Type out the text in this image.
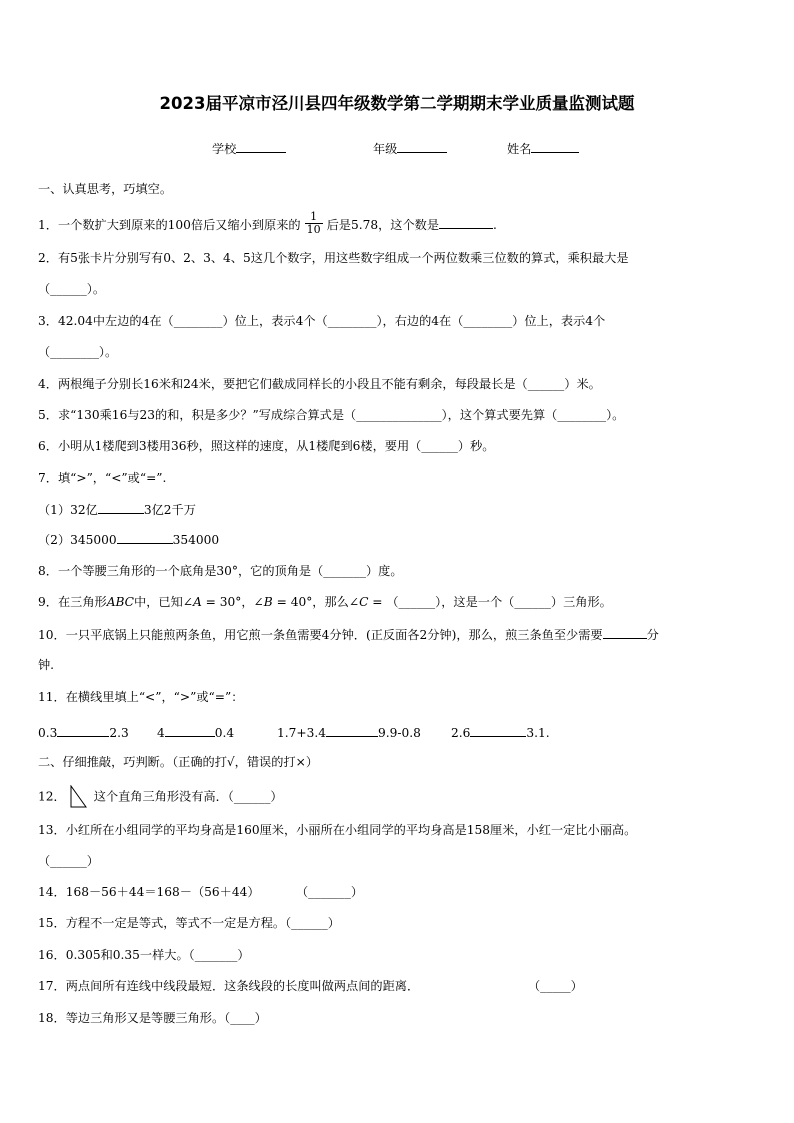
2023届平凉市泾川县四年级数学第二学期期末学业质量监测试题
学校	年级	姓名
一、认真思考，巧填空。
1．一个数扩大到原来的100倍后又缩小到原来的 $\frac{1}{10}$ 后是5.78，这个数是	.
2．有5张卡片分别写有0、2、3、4、5这几个数字，用这些数字组成一个两位数乘三位数的算式，乘积最大是
（______）。
3．42.04中左边的4在（________）位上，表示4个（________），右边的4在（________）位上，表示4个
（________）。
4．两根绳子分别长16米和24米，要把它们截成同样长的小段且不能有剩余，每段最长是（______）米。
5．求“130乘16与23的和，积是多少？”写成综合算式是（______________），这个算式要先算（________）。
6．小明从1楼爬到3楼用36秒，照这样的速度，从1楼爬到6楼，要用（______）秒。
7．填“>”，“<”或“=”.
（1）32亿	3亿2千万
（2）345000	354000
8．一个等腰三角形的一个底角是30°，它的顶角是（_______）度。
9．在三角形ABC中，已知∠A = 30°，∠B = 40°，那么∠C = （______），这是一个（______）三角形。
10．一只平底锅上只能煎两条鱼，用它煎一条鱼需要4分钟．(正反面各2分钟)，那么，煎三条鱼至少需要	分
钟.
11．在横线里填上“<”，“>”或“=”：
0.3	2.3 4	0.4	1.7+3.4	9.9-0.8 2.6	3.1.
二、仔细推敲，巧判断。（正确的打√，错误的打×）
12． 这个直角三角形没有高．（______）
13．小红所在小组同学的平均身高是160厘米，小丽所在小组同学的平均身高是158厘米，小红一定比小丽高。
（______）
14．168－56＋44＝168－（56＋44）	（_______）
15．方程不一定是等式，等式不一定是方程。（______）
16．0.305和0.35一样大。（_______）
17．两点间所有连线中线段最短．这条线段的长度叫做两点间的距离．	（_____）
18．等边三角形又是等腰三角形。（____）
